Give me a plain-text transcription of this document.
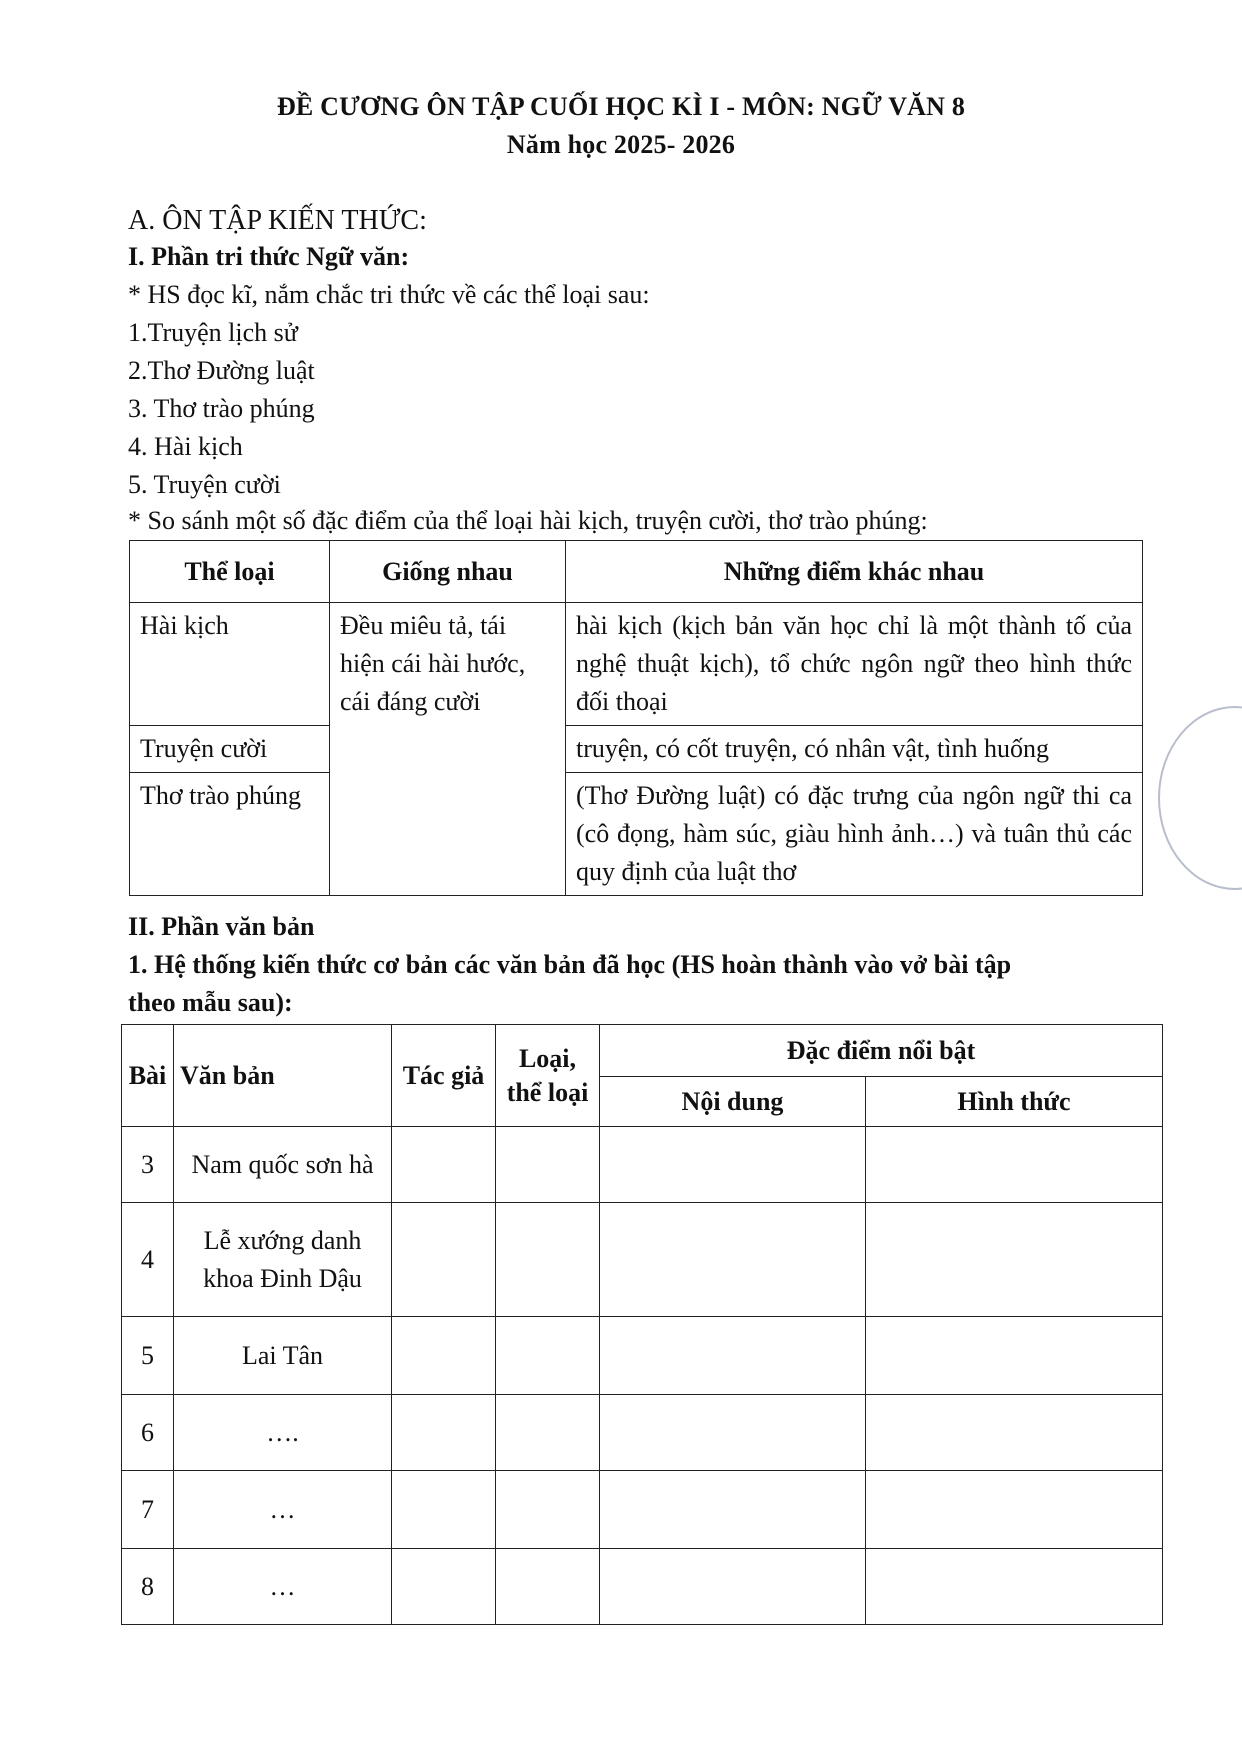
ĐỀ CƯƠNG ÔN TẬP CUỐI HỌC KÌ I - MÔN: NGỮ VĂN 8
Năm học 2025- 2026
A. ÔN TẬP KIẾN THỨC:
I. Phần tri thức Ngữ văn:
* HS đọc kĩ, nắm chắc tri thức về các thể loại sau:
1.Truyện lịch sử
2.Thơ Đường luật
3. Thơ trào phúng
4. Hài kịch
5. Truyện cười
* So sánh một số đặc điểm của thể loại hài kịch, truyện cười, thơ trào phúng:
Thể loại	Giống nhau	Những điểm khác nhau
Hài kịch	Đều miêu tả, tái hiện cái hài hước, cái đáng cười	hài kịch (kịch bản văn học chỉ là một thành tố của nghệ thuật kịch), tổ chức ngôn ngữ theo hình thức đối thoại
Truyện cười		truyện, có cốt truyện, có nhân vật, tình huống
Thơ trào phúng		(Thơ Đường luật) có đặc trưng của ngôn ngữ thi ca (cô đọng, hàm súc, giàu hình ảnh…) và tuân thủ các quy định của luật thơ
II. Phần văn bản
1. Hệ thống kiến thức cơ bản các văn bản đã học (HS hoàn thành vào vở bài tập
theo mẫu sau):
Bài	Văn bản	Tác giả	Loại, thể loại	Đặc điểm nổi bật	
				Nội dung	Hình thức
3	Nam quốc sơn hà				
4	Lễ xướng danh khoa Đinh Dậu				
5	Lai Tân				
6	….				
7	…				
8	…				
